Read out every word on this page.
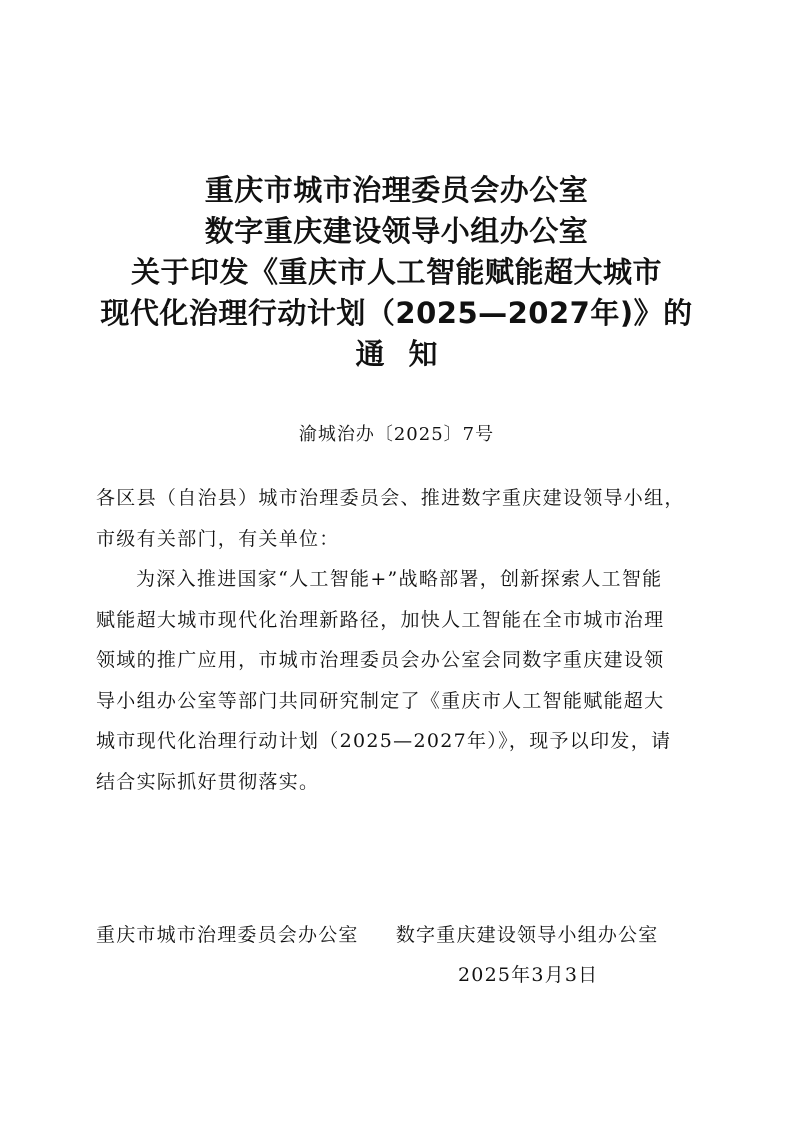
重庆市城市治理委员会办公室
数字重庆建设领导小组办公室
关于印发《重庆市人工智能赋能超大城市
现代化治理行动计划（2025—2027年)》的
通知
渝城治办〔2025〕7号
各区县（自治县）城市治理委员会、推进数字重庆建设领导小组，
市级有关部门，有关单位：
为深入推进国家“人工智能+”战略部署，创新探索人工智能
赋能超大城市现代化治理新路径，加快人工智能在全市城市治理
领域的推广应用，市城市治理委员会办公室会同数字重庆建设领
导小组办公室等部门共同研究制定了《重庆市人工智能赋能超大
城市现代化治理行动计划（2025—2027年）》，现予以印发，请
结合实际抓好贯彻落实。
重庆市城市治理委员会办公室 数字重庆建设领导小组办公室
2025年3月3日
